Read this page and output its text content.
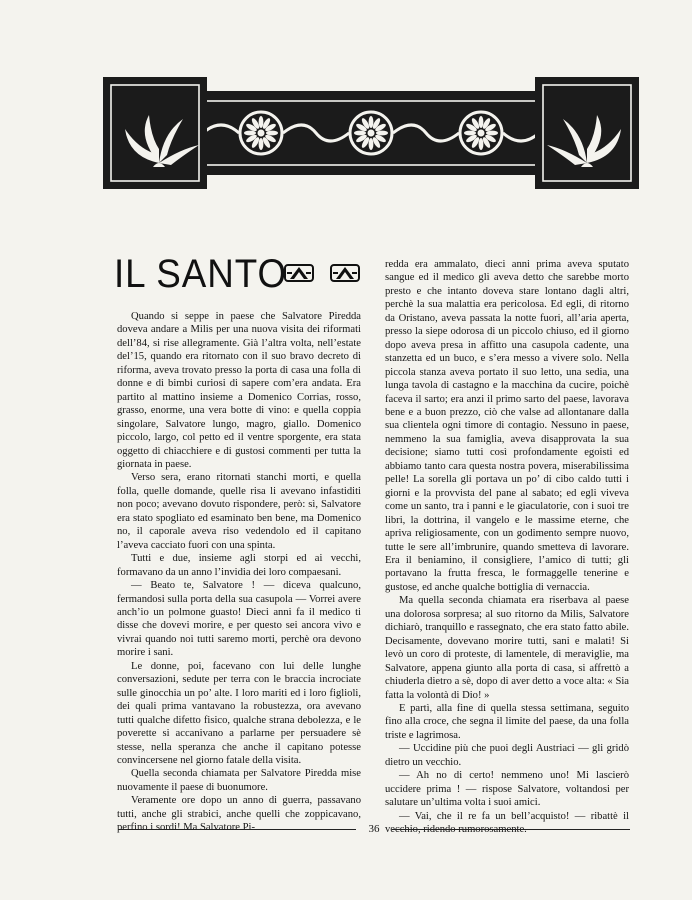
IL SANTO

Quando si seppe in paese che Salvatore Piredda doveva andare a Milis per una nuova visita dei riformati dell’84, si rise allegramente. Già l’altra volta, nell’estate del’15, quando era ritornato con il suo bravo decreto di riforma, aveva trovato presso la porta di casa una folla di donne e di bimbi curiosi di sapere com’era andata. Era partito al mattino insieme a Domenico Corrias, rosso, grasso, enorme, una vera botte di vino: e quella coppia singolare, Salvatore lungo, magro, giallo. Domenico piccolo, largo, col petto ed il ventre sporgente, era stata oggetto di chiacchiere e di gustosi commenti per tutta la giornata in paese.

Verso sera, erano ritornati stanchi morti, e quella folla, quelle domande, quelle risa li avevano infastiditi non poco; avevano dovuto rispondere, però: sì, Salvatore era stato spogliato ed esaminato ben bene, ma Domenico no, il caporale aveva riso vedendolo ed il capitano l’aveva cacciato fuori con una spinta.

Tutti e due, insieme agli storpi ed ai vecchi, formavano da un anno l’invidia dei loro compaesani.

— Beato te, Salvatore ! — diceva qualcuno, fermandosi sulla porta della sua casupola — Vorrei avere anch’io un polmone guasto! Dieci anni fa il medico ti disse che dovevi morire, e per questo sei ancora vivo e vivrai quando noi tutti saremo morti, perchè ora devono morire i sani.

Le donne, poi, facevano con lui delle lunghe conversazioni, sedute per terra con le braccia incrociate sulle ginocchia un po’ alte. I loro mariti ed i loro figlioli, dei quali prima vantavano la robustezza, ora avevano tutti qualche difetto fisico, qualche strana debolezza, e le poverette si accanivano a parlarne per persuadere sè stesse, nella speranza che anche il capitano potesse convincersene nel giorno fatale della visita.

Quella seconda chiamata per Salvatore Piredda mise nuovamente il paese di buonumore.

Veramente ore dopo un anno di guerra, passavano tutti, anche gli strabici, anche quelli che zoppicavano, perfino i sordi! Ma Salvatore Pi-

redda era ammalato, dieci anni prima aveva sputato sangue ed il medico gli aveva detto che sarebbe morto presto e che intanto doveva stare lontano dagli altri, perchè la sua malattia era pericolosa. Ed egli, di ritorno da Oristano, aveva passata la notte fuori, all’aria aperta, presso la siepe odorosa di un piccolo chiuso, ed il giorno dopo aveva presa in affitto una casupola cadente, una stanzetta ed un buco, e s’era messo a vivere solo. Nella piccola stanza aveva portato il suo letto, una sedia, una lunga tavola di castagno e la macchina da cucire, poichè faceva il sarto; era anzi il primo sarto del paese, lavorava bene e a buon prezzo, ciò che valse ad allontanare dalla sua clientela ogni timore di contagio. Nessuno in paese, nemmeno la sua famiglia, aveva disapprovata la sua decisione; siamo tutti così profondamente egoisti ed abbiamo tanto cara questa nostra povera, miserabilissima pelle! La sorella gli portava un po’ di cibo caldo tutti i giorni e la provvista del pane al sabato; ed egli viveva come un santo, tra i panni e le giaculatorie, con i suoi tre libri, la dottrina, il vangelo e le massime eterne, che apriva religiosamente, con un godimento sempre nuovo, tutte le sere all’imbrunire, quando smetteva di lavorare. Era il beniamino, il consigliere, l’amico di tutti; gli portavano la frutta fresca, le formaggelle tenerine e gustose, ed anche qualche bottiglia di vernaccia.

Ma quella seconda chiamata era riserbava al paese una dolorosa sorpresa; al suo ritorno da Milis, Salvatore dichiarò, tranquillo e rassegnato, che era stato fatto abile. Decisamente, dovevano morire tutti, sani e malati! Si levò un coro di proteste, di lamentele, di meraviglie, ma Salvatore, appena giunto alla porta di casa, si affrettò a chiuderla dietro a sè, dopo di aver detto a voce alta: « Sia fatta la volontà di Dio! »

E partì, alla fine di quella stessa settimana, seguito fino alla croce, che segna il limite del paese, da una folla triste e lagrimosa.

— Uccidine più che puoi degli Austriaci — gli gridò dietro un vecchio.

— Ah no di certo! nemmeno uno! Mi lascierò uccidere prima ! — rispose Salvatore, voltandosi per salutare un’ultima volta i suoi amici.

— Vai, che il re fa un bell’acquisto! — ribattè il vecchio, ridendo rumorosamente.

36
